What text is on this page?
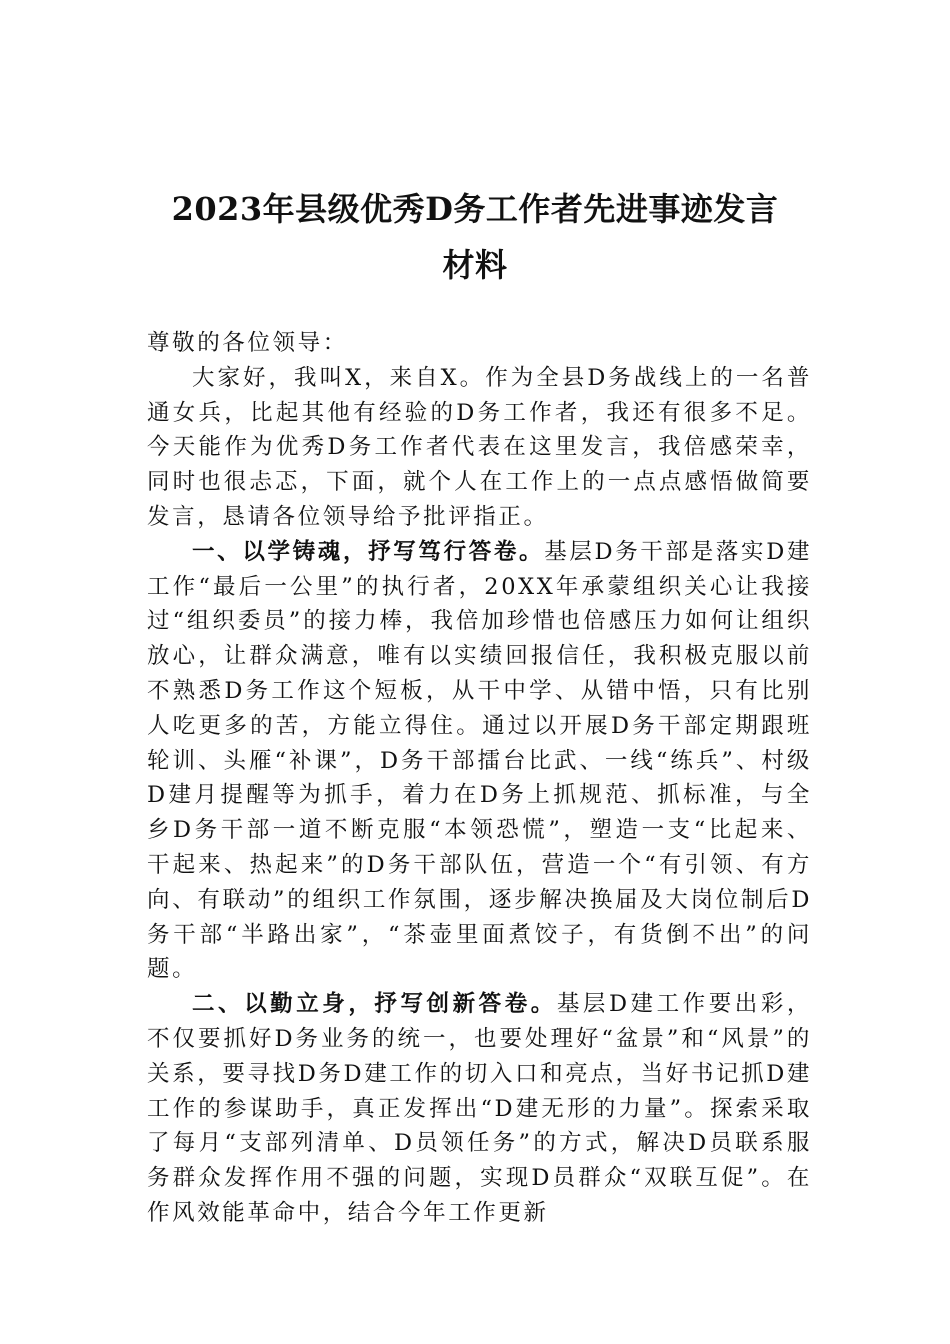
2023年县级优秀D务工作者先进事迹发言
材料

尊敬的各位领导：

大家好，我叫X，来自X。作为全县D务战线上的一名普通女兵，比起其他有经验的D务工作者，我还有很多不足。今天能作为优秀D务工作者代表在这里发言，我倍感荣幸，同时也很忐忑，下面，就个人在工作上的一点点感悟做简要发言，恳请各位领导给予批评指正。

一、以学铸魂，抒写笃行答卷。基层D务干部是落实D建工作“最后一公里”的执行者，20XX年承蒙组织关心让我接过“组织委员”的接力棒，我倍加珍惜也倍感压力如何让组织放心，让群众满意，唯有以实绩回报信任，我积极克服以前不熟悉D务工作这个短板，从干中学、从错中悟，只有比别人吃更多的苦，方能立得住。通过以开展D务干部定期跟班轮训、头雁“补课”，D务干部擂台比武、一线“练兵”、村级D建月提醒等为抓手，着力在D务上抓规范、抓标准，与全乡D务干部一道不断克服“本领恐慌”，塑造一支“比起来、干起来、热起来”的D务干部队伍，营造一个“有引领、有方向、有联动”的组织工作氛围，逐步解决换届及大岗位制后D务干部“半路出家”，“茶壶里面煮饺子，有货倒不出”的问题。

二、以勤立身，抒写创新答卷。基层D建工作要出彩，不仅要抓好D务业务的统一，也要处理好“盆景”和“风景”的关系，要寻找D务D建工作的切入口和亮点，当好书记抓D建工作的参谋助手，真正发挥出“D建无形的力量”。探索采取了每月“支部列清单、D员领任务”的方式，解决D员联系服务群众发挥作用不强的问题，实现D员群众“双联互促”。在作风效能革命中，结合今年工作更新
